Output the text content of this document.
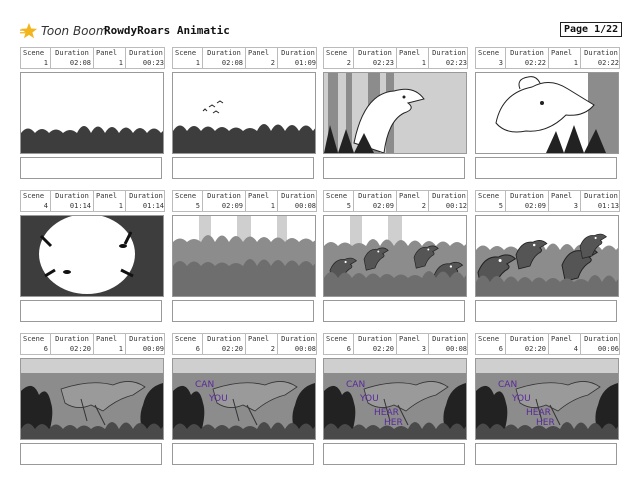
Toon Boom
RowdyRoars Animatic	Page 1/22
Scene
1
Duration
02:08
Panel
1
Duration
00:23
Scene
1
Duration
02:08
Panel
2
Duration
01:09
Scene
2
Duration
02:23
Panel
1
Duration
02:23
Scene
3
Duration
02:22
Panel
1
Duration
02:22
Scene
4
Duration
01:14
Panel
1
Duration
01:14
Scene
5
Duration
02:09
Panel
1
Duration
00:08
Scene
5
Duration
02:09
Panel
2
Duration
00:12
Scene
5
Duration
02:09
Panel
3
Duration
01:13
Scene
6
Duration
02:20
Panel
1
Duration
00:09
Scene
6
Duration
02:20
Panel
2
Duration
00:08
CAN YOU
Scene
6
Duration
02:20
Panel
3
Duration
00:08
CAN YOU HEAR HER
Scene
6
Duration
02:20
Panel
4
Duration
00:06
CAN YOU HEAR HER
